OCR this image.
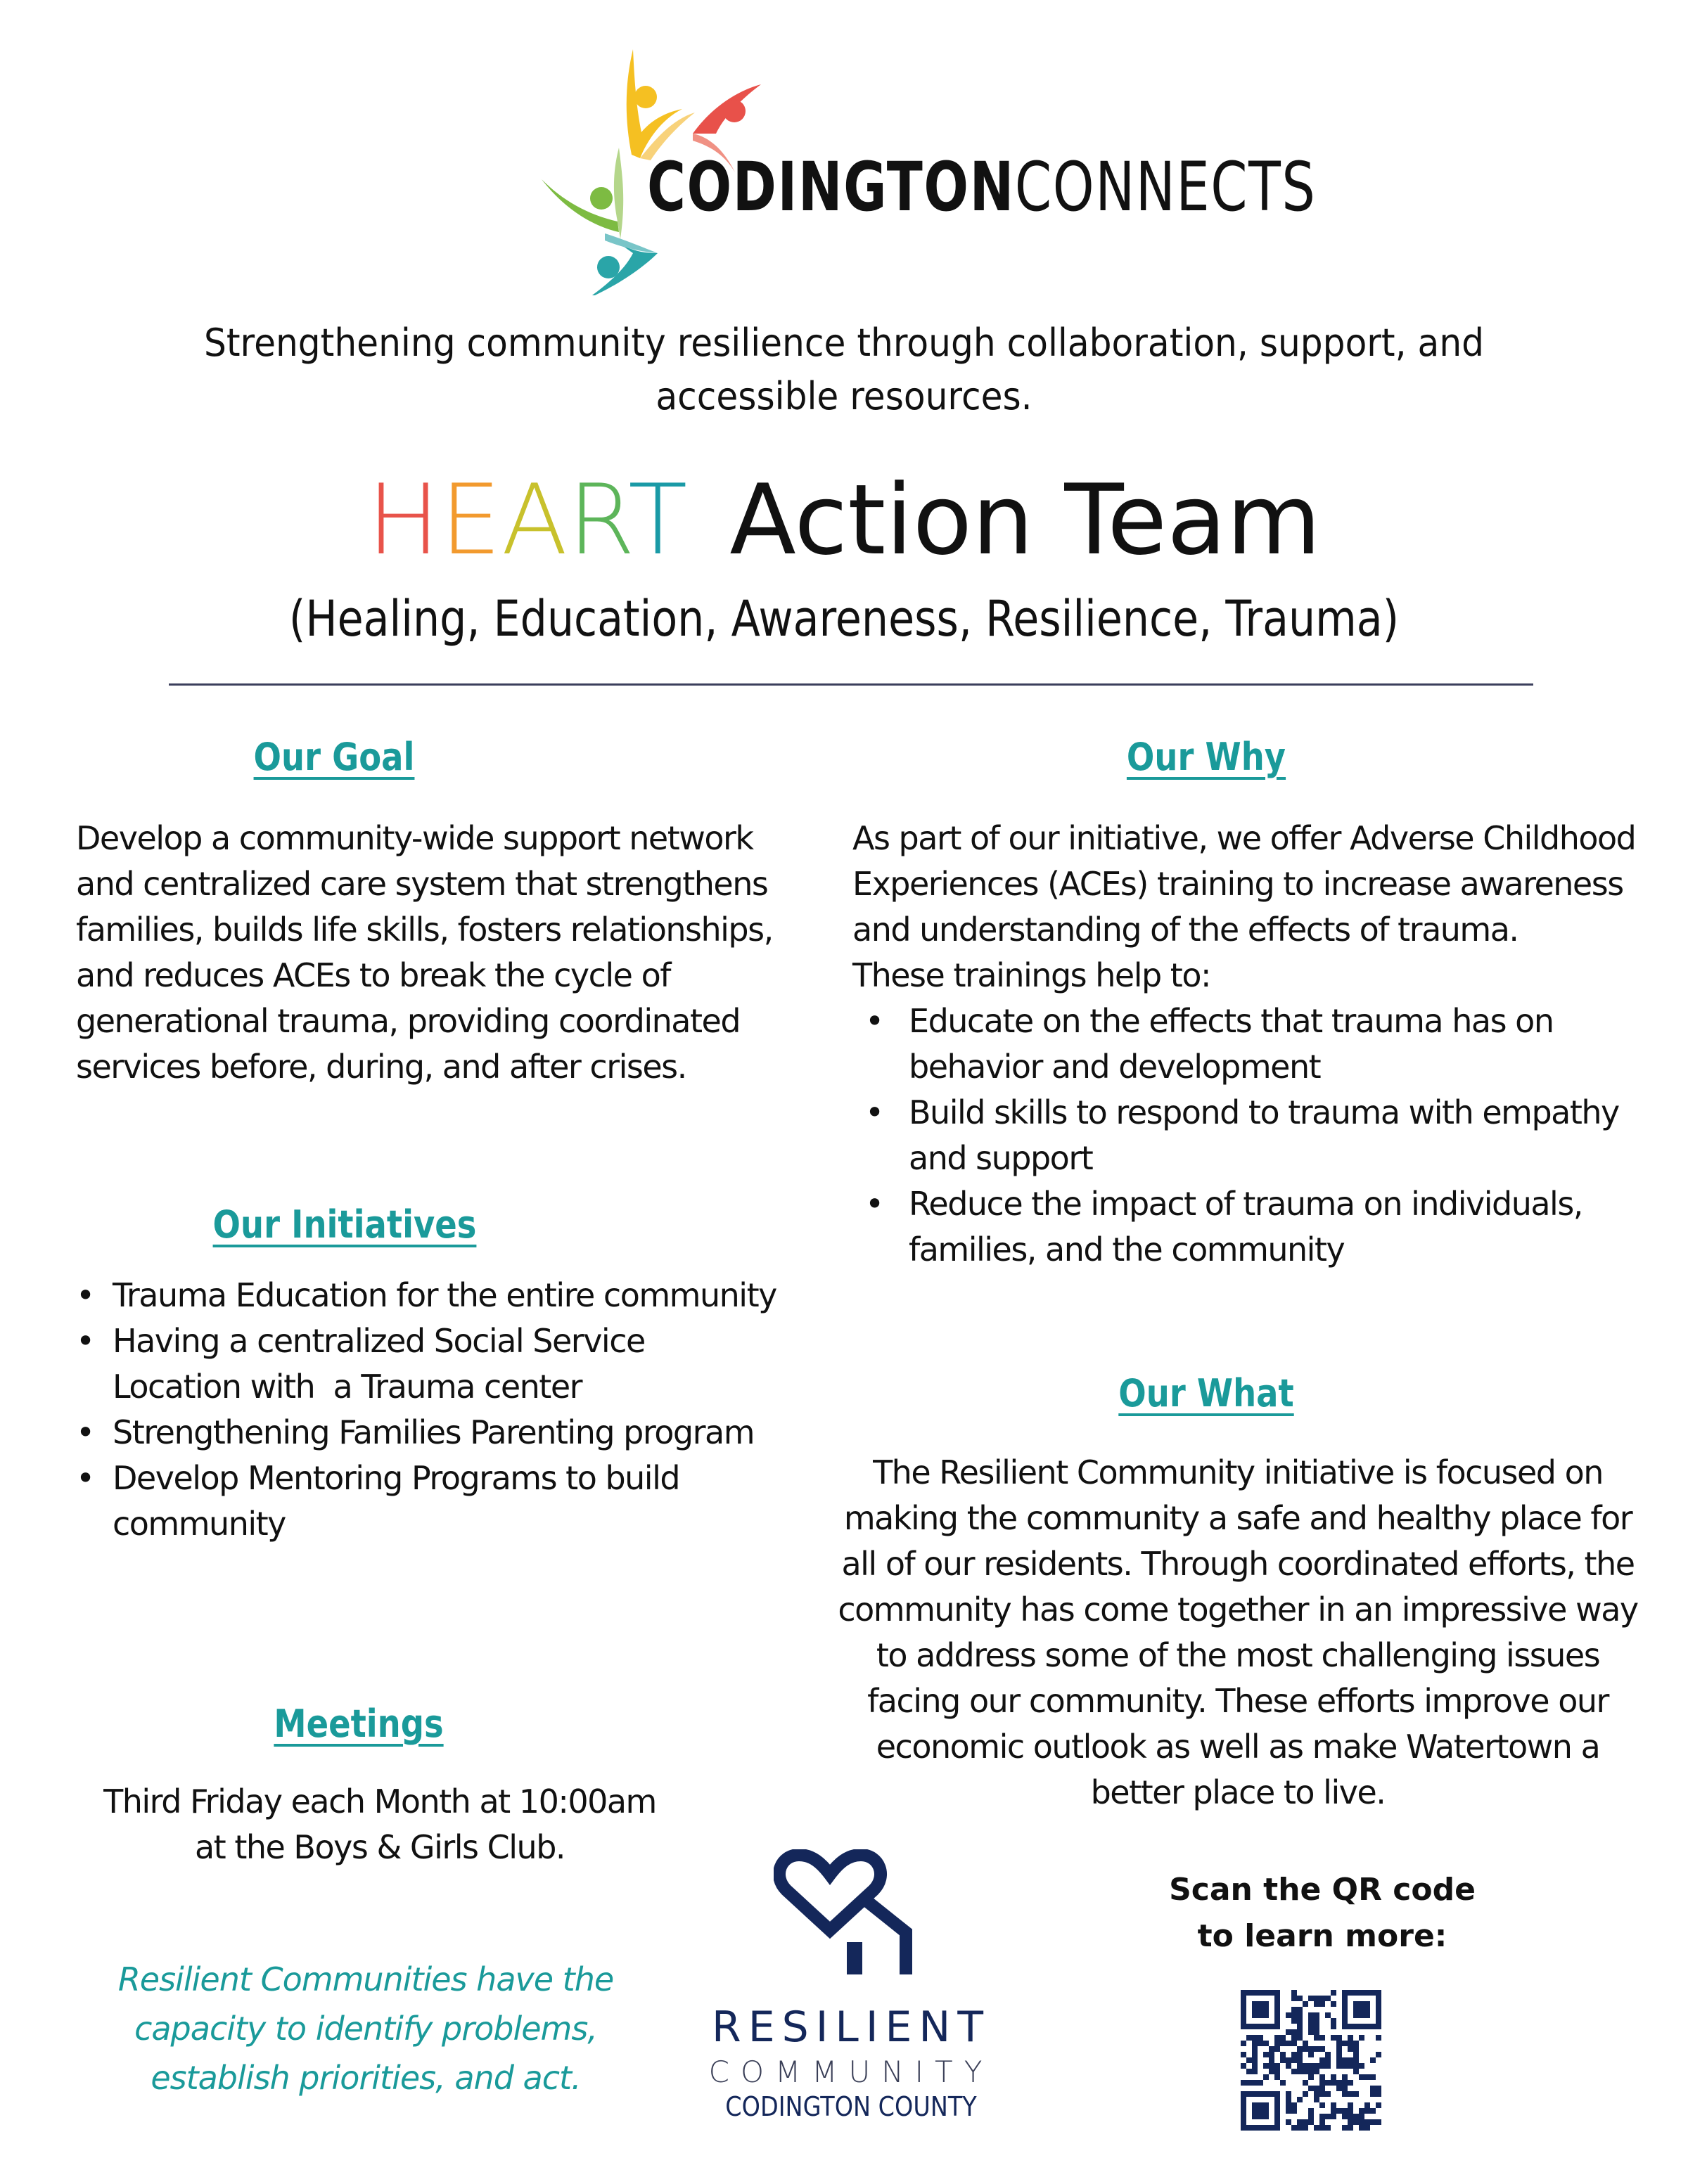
CODINGTONCONNECTS
Strengthening community resilience through collaboration, support, and accessible resources.
HEART Action Team
(Healing, Education, Awareness, Resilience, Trauma)
Our Goal
Develop a community-wide support network and centralized care system that strengthens families, builds life skills, fosters relationships, and reduces ACEs to break the cycle of generational trauma, providing coordinated services before, during, and after crises.
Our Why
As part of our initiative, we offer Adverse Childhood Experiences (ACEs) training to increase awareness and understanding of the effects of trauma.
These trainings help to:
• Educate on the effects that trauma has on behavior and development
• Build skills to respond to trauma with empathy and support
• Reduce the impact of trauma on individuals, families, and the community
Our Initiatives
• Trauma Education for the entire community
• Having a centralized Social Service Location with  a Trauma center
• Strengthening Families Parenting program
• Develop Mentoring Programs to build community
Our What
The Resilient Community initiative is focused on making the community a safe and healthy place for all of our residents. Through coordinated efforts, the community has come together in an impressive way to address some of the most challenging issues facing our community. These efforts improve our economic outlook as well as make Watertown a better place to live.
Meetings
Third Friday each Month at 10:00am
at the Boys & Girls Club.
Resilient Communities have the
capacity to identify problems,
establish priorities, and act.
RESILIENT
COMMUNITY
CODINGTON COUNTY
Scan the QR code
to learn more:
